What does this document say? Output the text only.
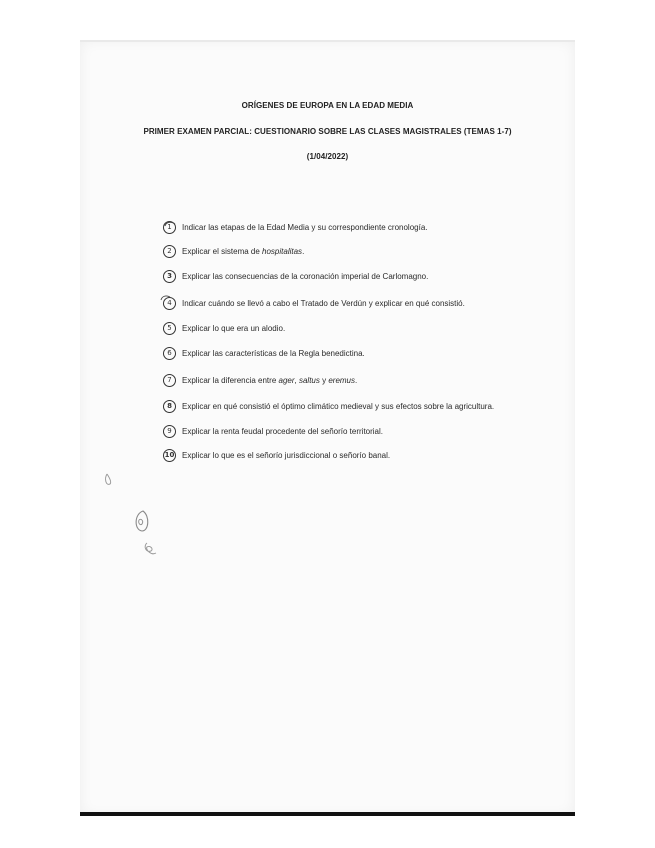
ORÍGENES DE EUROPA EN LA EDAD MEDIA
PRIMER EXAMEN PARCIAL: CUESTIONARIO SOBRE LAS CLASES MAGISTRALES (TEMAS 1-7)
(1/04/2022)
1	Indicar las etapas de la Edad Media y su correspondiente cronología.
2	Explicar el sistema de hospitalitas.
3	Explicar las consecuencias de la coronación imperial de Carlomagno.
4	Indicar cuándo se llevó a cabo el Tratado de Verdún y explicar en qué consistió.
5	Explicar lo que era un alodio.
6	Explicar las características de la Regla benedictina.
7	Explicar la diferencia entre ager, saltus y eremus.
8	Explicar en qué consistió el óptimo climático medieval y sus efectos sobre la agricultura.
9	Explicar la renta feudal procedente del señorío territorial.
10 Explicar lo que es el señorío jurisdiccional o señorío banal.
